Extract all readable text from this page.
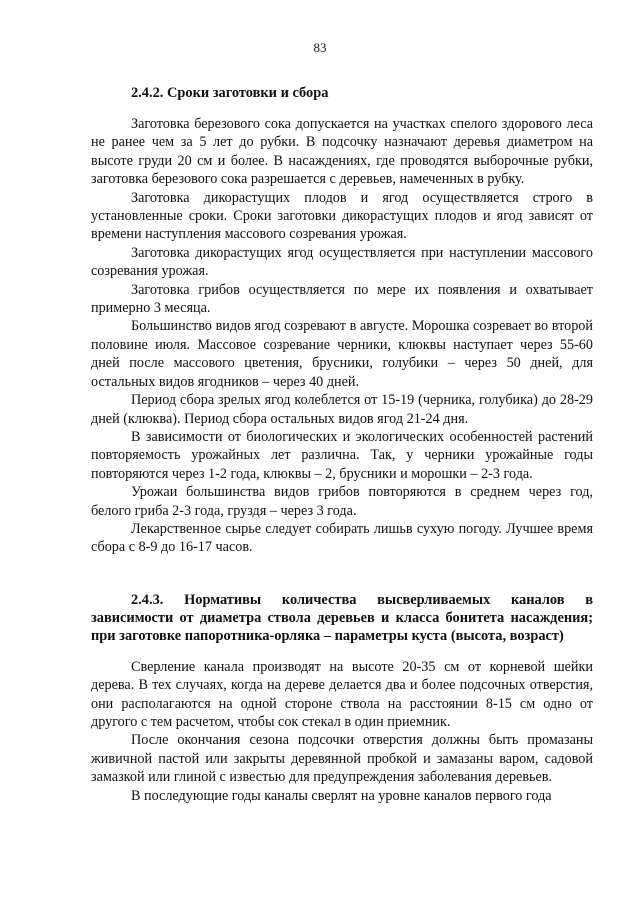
83
2.4.2. Сроки заготовки и сбора

Заготовка березового сока допускается на участках спелого здорового леса не ранее чем за 5 лет до рубки. В подсочку назначают деревья диаметром на высоте груди 20 см и более. В насаждениях, где проводятся выборочные рубки, заготовка березового сока разрешается с деревьев, намеченных в рубку.

Заготовка дикорастущих плодов и ягод осуществляется строго в установленные сроки. Сроки заготовки дикорастущих плодов и ягод зависят от времени наступления массового созревания урожая.

Заготовка дикорастущих ягод осуществляется при наступлении массового созревания урожая.

Заготовка грибов осуществляется по мере их появления и охватывает примерно 3 месяца.

Большинство видов ягод созревают в августе. Морошка созревает во второй половине июля. Массовое созревание черники, клюквы наступает через 55-60 дней после массового цветения, брусники, голубики – через 50 дней, для остальных видов ягодников – через 40 дней.

Период сбора зрелых ягод колеблется от 15-19 (черника, голубика) до 28-29 дней (клюква). Период сбора остальных видов ягод 21-24 дня.

В зависимости от биологических и экологических особенностей растений повторяемость урожайных лет различна. Так, у черники урожайные годы повторяются через 1-2 года, клюквы – 2, брусники и морошки – 2-3 года.

Урожаи большинства видов грибов повторяются в среднем через год, белого гриба 2-3 года, груздя – через 3 года.

Лекарственное сырье следует собирать лишьв сухую погоду. Лучшее время сбора с 8-9 до 16-17 часов.

2.4.3. Нормативы количества высверливаемых каналов в зависимости от диаметра ствола деревьев и класса бонитета насаждения; при заготовке папоротника-орляка – параметры куста (высота, возраст)

Сверление канала производят на высоте 20-35 см от корневой шейки дерева. В тех случаях, когда на дереве делается два и более подсочных отверстия, они располагаются на одной стороне ствола на расстоянии 8-15 см одно от другого с тем расчетом, чтобы сок стекал в один приемник.

После окончания сезона подсочки отверстия должны быть промазаны живичной пастой или закрыты деревянной пробкой и замазаны варом, садовой замазкой или глиной с известью для предупреждения заболевания деревьев.

В последующие годы каналы сверлят на уровне каналов первого года
